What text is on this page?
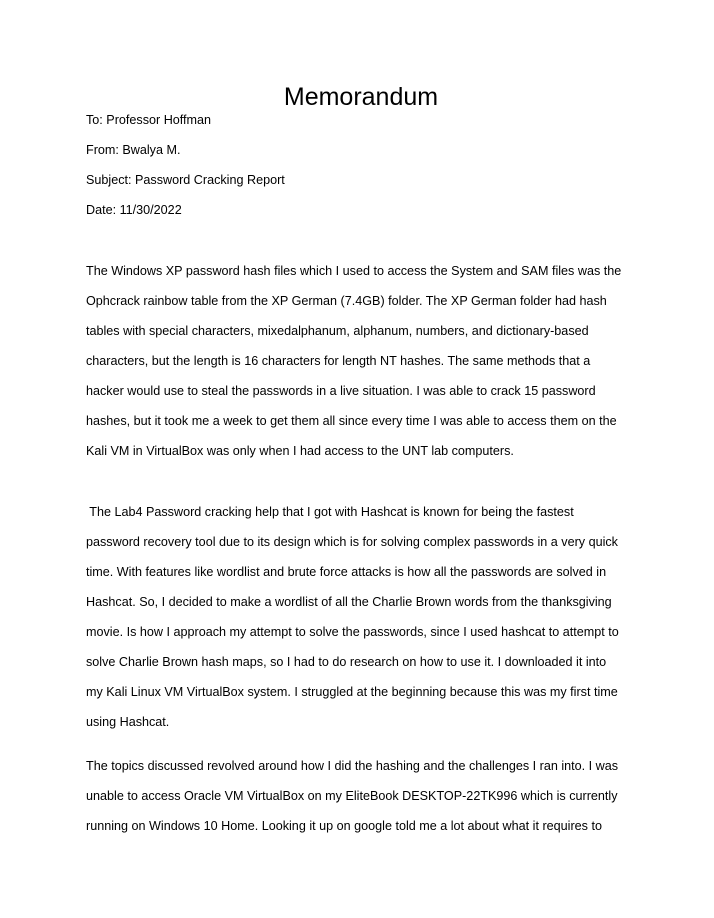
Memorandum
To: Professor Hoffman
From: Bwalya M.
Subject: Password Cracking Report
Date: 11/30/2022
The Windows XP password hash files which I used to access the System and SAM files was the
Ophcrack rainbow table from the XP German (7.4GB) folder. The XP German folder had hash
tables with special characters, mixedalphanum, alphanum, numbers, and dictionary-based
characters, but the length is 16 characters for length NT hashes. The same methods that a
hacker would use to steal the passwords in a live situation. I was able to crack 15 password
hashes, but it took me a week to get them all since every time I was able to access them on the
Kali VM in VirtualBox was only when I had access to the UNT lab computers.
The Lab4 Password cracking help that I got with Hashcat is known for being the fastest
password recovery tool due to its design which is for solving complex passwords in a very quick
time. With features like wordlist and brute force attacks is how all the passwords are solved in
Hashcat. So, I decided to make a wordlist of all the Charlie Brown words from the thanksgiving
movie. Is how I approach my attempt to solve the passwords, since I used hashcat to attempt to
solve Charlie Brown hash maps, so I had to do research on how to use it. I downloaded it into
my Kali Linux VM VirtualBox system. I struggled at the beginning because this was my first time
using Hashcat.
The topics discussed revolved around how I did the hashing and the challenges I ran into. I was
unable to access Oracle VM VirtualBox on my EliteBook DESKTOP-22TK996 which is currently
running on Windows 10 Home. Looking it up on google told me a lot about what it requires to
